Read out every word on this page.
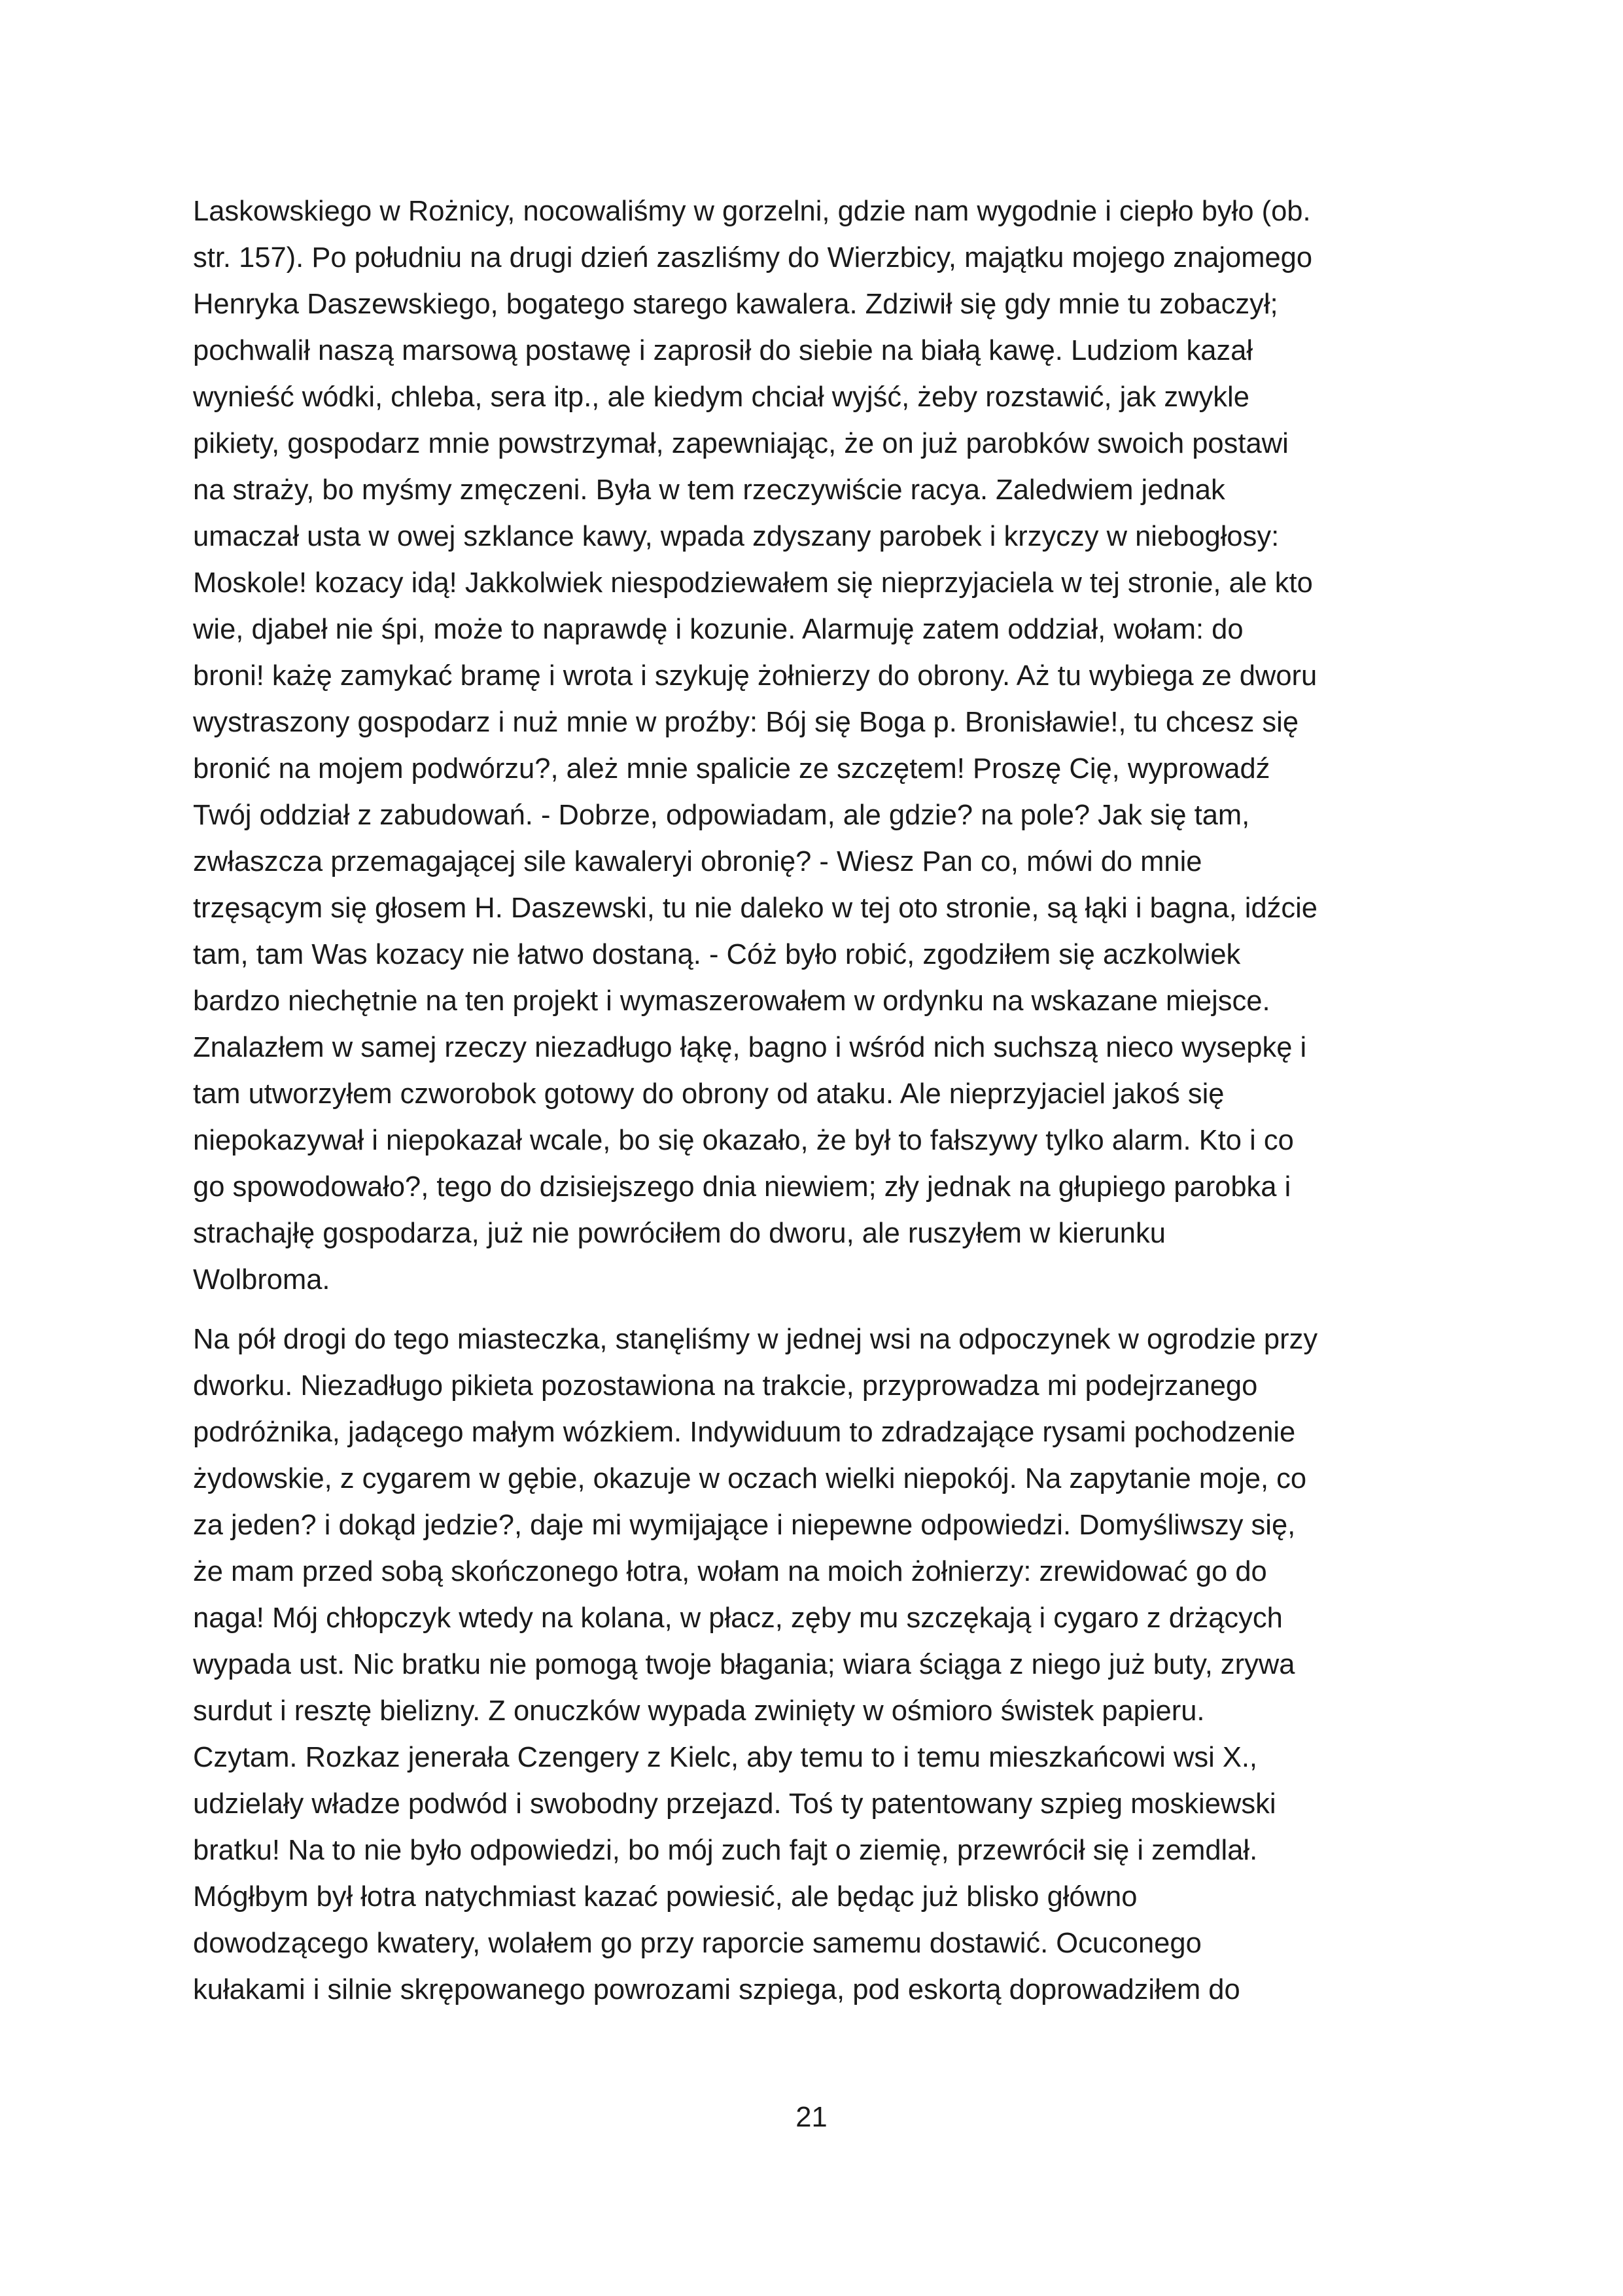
Laskowskiego w Rożnicy, nocowaliśmy w gorzelni, gdzie nam wygodnie i ciepło było (ob.
str. 157). Po południu na drugi dzień zaszliśmy do Wierzbicy, majątku mojego znajomego
Henryka Daszewskiego, bogatego starego kawalera. Zdziwił się gdy mnie tu zobaczył;
pochwalił naszą marsową postawę i zaprosił do siebie na białą kawę. Ludziom kazał
wynieść wódki, chleba, sera itp., ale kiedym chciał wyjść, żeby rozstawić, jak zwykle
pikiety, gospodarz mnie powstrzymał, zapewniając, że on już parobków swoich postawi
na straży, bo myśmy zmęczeni. Była w tem rzeczywiście racya. Zaledwiem jednak
umaczał usta w owej szklance kawy, wpada zdyszany parobek i krzyczy w niebogłosy:
Moskole! kozacy idą! Jakkolwiek niespodziewałem się nieprzyjaciela w tej stronie, ale kto
wie, djabeł nie śpi, może to naprawdę i kozunie. Alarmuję zatem oddział, wołam: do
broni! każę zamykać bramę i wrota i szykuję żołnierzy do obrony. Aż tu wybiega ze dworu
wystraszony gospodarz i nuż mnie w proźby: Bój się Boga p. Bronisławie!, tu chcesz się
bronić na mojem podwórzu?, alеż mnie spalicie ze szczętem! Proszę Cię, wyprowadź
Twój oddział z zabudowań. - Dobrze, odpowiadam, ale gdzie? na pole? Jak się tam,
zwłaszcza przemagającej sile kawaleryi obronię? - Wiesz Pan co, mówi do mnie
trzęsącym się głosem H. Daszewski, tu nie daleko w tej oto stronie, są łąki i bagna, idźcie
tam, tam Was kozacy nie łatwo dostaną. - Cóż było robić, zgodziłem się aczkolwiek
bardzo niechętnie na ten projekt i wymaszerowałem w ordynku na wskazane miejsce.
Znalazłem w samej rzeczy niezadługo łąkę, bagno i wśród nich suchszą nieco wysepkę i
tam utworzyłem czworobok gotowy do obrony od ataku. Ale nieprzyjaciel jakoś się
niepokazywał i niepokazał wcale, bo się okazało, że był to fałszywy tylko alarm. Kto i co
go spowodowało?, tego do dzisiejszego dnia niewiem; zły jednak na głupiego parobka i
strachajłę gospodarza, już nie powróciłem do dworu, ale ruszyłem w kierunku
Wolbroma.

Na pół drogi do tego miasteczka, stanęliśmy w jednej wsi na odpoczynek w ogrodzie przy
dworku. Niezadługo pikieta pozostawiona na trakcie, przyprowadza mi podejrzanego
podróżnika, jadącego małym wózkiem. Indywiduum to zdradzające rysami pochodzenie
żydowskie, z cygarem w gębie, okazuje w oczach wielki niepokój. Na zapytanie moje, co
za jeden? i dokąd jedzie?, daje mi wymijające i niepewne odpowiedzi. Domyśliwszy się,
że mam przed sobą skończonego łotra, wołam na moich żołnierzy: zrewidować go do
naga! Mój chłopczyk wtedy na kolana, w płacz, zęby mu szczękają i cygaro z drżących
wypada ust. Nic bratku nie pomogą twoje błagania; wiara ściąga z niego już buty, zrywa
surdut i resztę bielizny. Z onuczków wypada zwinięty w ośmioro świstek papieru.
Czytam. Rozkaz jenerała Czengery z Kielc, aby temu to i temu mieszkańcowi wsi X.,
udzielały władze podwód i swobodny przejazd. Toś ty patentowany szpieg moskiewski
bratku! Na to nie było odpowiedzi, bo mój zuch fajt o ziemię, przewrócił się i zemdlał.
Mógłbym był łotra natychmiast kazać powiesić, ale będąc już blisko główno
dowodzącego kwatery, wolałem go przy raporcie samemu dostawić. Ocuconego
kułakami i silnie skrępowanego powrozami szpiega, pod eskortą doprowadziłem do

21
